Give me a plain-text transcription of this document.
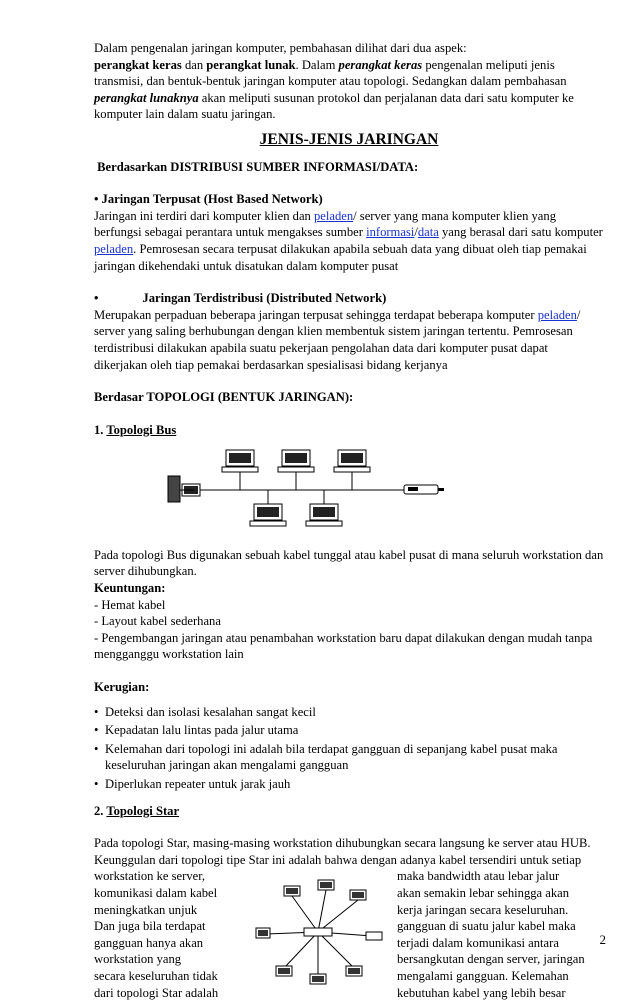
Dalam pengenalan jaringan komputer, pembahasan dilihat dari dua aspek:
perangkat keras dan perangkat lunak. Dalam perangkat keras pengenalan meliputi jenis transmisi, dan bentuk-bentuk jaringan komputer atau topologi. Sedangkan dalam pembahasan perangkat lunaknya akan meliputi susunan protokol dan perjalanan data dari satu komputer ke komputer lain dalam suatu jaringan.

JENIS-JENIS JARINGAN

Berdasarkan DISTRIBUSI SUMBER INFORMASI/DATA:

• Jaringan Terpusat (Host Based Network)

Jaringan ini terdiri dari komputer klien dan peladen/ server yang mana komputer klien yang berfungsi sebagai perantara untuk mengakses sumber informasi/data yang berasal dari satu komputer peladen. Pemrosesan secara terpusat dilakukan apabila sebuah data yang dibuat oleh tiap pemakai jaringan dikehendaki untuk disatukan dalam komputer pusat

•	Jaringan Terdistribusi (Distributed Network)

Merupakan perpaduan beberapa jaringan terpusat sehingga terdapat beberapa komputer peladen/ server yang saling berhubungan dengan klien membentuk sistem jaringan tertentu. Pemrosesan terdistribusi dilakukan apabila suatu pekerjaan pengolahan data dari komputer pusat dapat dikerjakan oleh tiap pemakai berdasarkan spesialisasi bidang kerjanya

Berdasar TOPOLOGI (BENTUK JARINGAN):

1. Topologi Bus

Pada topologi Bus digunakan sebuah kabel tunggal atau kabel pusat di mana seluruh workstation dan server dihubungkan.

Keuntungan:

- Hemat kabel

- Layout kabel sederhana

- Pengembangan jaringan atau penambahan workstation baru dapat dilakukan dengan mudah tanpa mengganggu workstation lain

Kerugian:

• Deteksi dan isolasi kesalahan sangat kecil
• Kepadatan lalu lintas pada jalur utama
• Kelemahan dari topologi ini adalah bila terdapat gangguan di sepanjang kabel pusat maka keseluruhan jaringan akan mengalami gangguan
• Diperlukan repeater untuk jarak jauh

2. Topologi Star

Pada topologi Star, masing-masing workstation dihubungkan secara langsung ke server atau HUB. Keunggulan dari topologi tipe Star ini adalah bahwa dengan adanya kabel tersendiri untuk setiap

workstation ke server,

komunikasi dalam kabel

meningkatkan unjuk

Dan juga bila terdapat

gangguan hanya akan

workstation yang

secara keseluruhan tidak

dari topologi Star adalah

maka bandwidth atau lebar jalur

akan semakin lebar sehingga akan

kerja jaringan secara keseluruhan.

gangguan di suatu jalur kabel maka

terjadi dalam komunikasi antara

bersangkutan dengan server, jaringan

mengalami gangguan. Kelemahan

kebutuhan kabel yang lebih besar

2
